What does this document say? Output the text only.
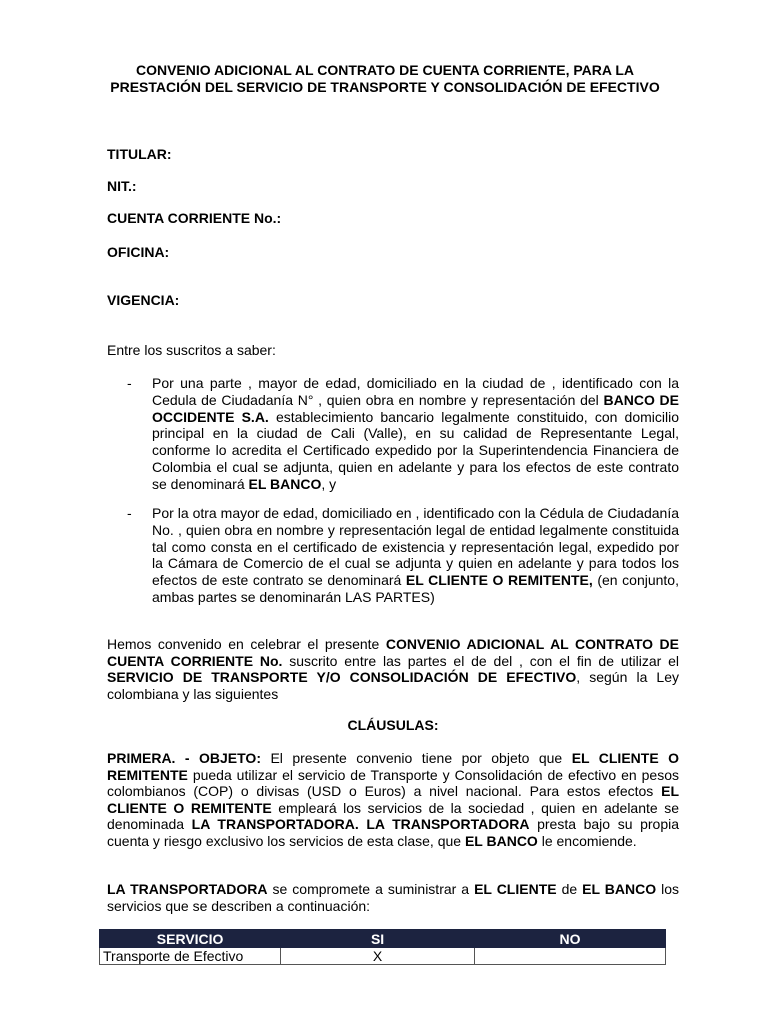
CONVENIO ADICIONAL AL CONTRATO DE CUENTA CORRIENTE, PARA LA
PRESTACIÓN DEL SERVICIO DE TRANSPORTE Y CONSOLIDACIÓN DE EFECTIVO
TITULAR:
NIT.:
CUENTA CORRIENTE No.:
OFICINA:
VIGENCIA:
Entre los suscritos a saber:
- Por una parte , mayor de edad, domiciliado en la ciudad de , identificado con la Cedula de Ciudadanía N° , quien obra en nombre y representación del BANCO DE OCCIDENTE S.A. establecimiento bancario legalmente constituido, con domicilio principal en la ciudad de Cali (Valle), en su calidad de Representante Legal, conforme lo acredita el Certificado expedido por la Superintendencia Financiera de Colombia el cual se adjunta, quien en adelante y para los efectos de este contrato se denominará EL BANCO, y
- Por la otra mayor de edad, domiciliado en , identificado con la Cédula de Ciudadanía No. , quien obra en nombre y representación legal de entidad legalmente constituida tal como consta en el certificado de existencia y representación legal, expedido por la Cámara de Comercio de el cual se adjunta y quien en adelante y para todos los efectos de este contrato se denominará EL CLIENTE O REMITENTE, (en conjunto, ambas partes se denominarán LAS PARTES)
Hemos convenido en celebrar el presente CONVENIO ADICIONAL AL CONTRATO DE CUENTA CORRIENTE No. suscrito entre las partes el de del , con el fin de utilizar el SERVICIO DE TRANSPORTE Y/O CONSOLIDACIÓN DE EFECTIVO, según la Ley colombiana y las siguientes
CLÁUSULAS:
PRIMERA. - OBJETO: El presente convenio tiene por objeto que EL CLIENTE O REMITENTE pueda utilizar el servicio de Transporte y Consolidación de efectivo en pesos colombianos (COP) o divisas (USD o Euros) a nivel nacional. Para estos efectos EL CLIENTE O REMITENTE empleará los servicios de la sociedad , quien en adelante se denominada LA TRANSPORTADORA. LA TRANSPORTADORA presta bajo su propia cuenta y riesgo exclusivo los servicios de esta clase, que EL BANCO le encomiende.
LA TRANSPORTADORA se compromete a suministrar a EL CLIENTE de EL BANCO los servicios que se describen a continuación:
SERVICIO	SI	NO
Transporte de Efectivo	X	
